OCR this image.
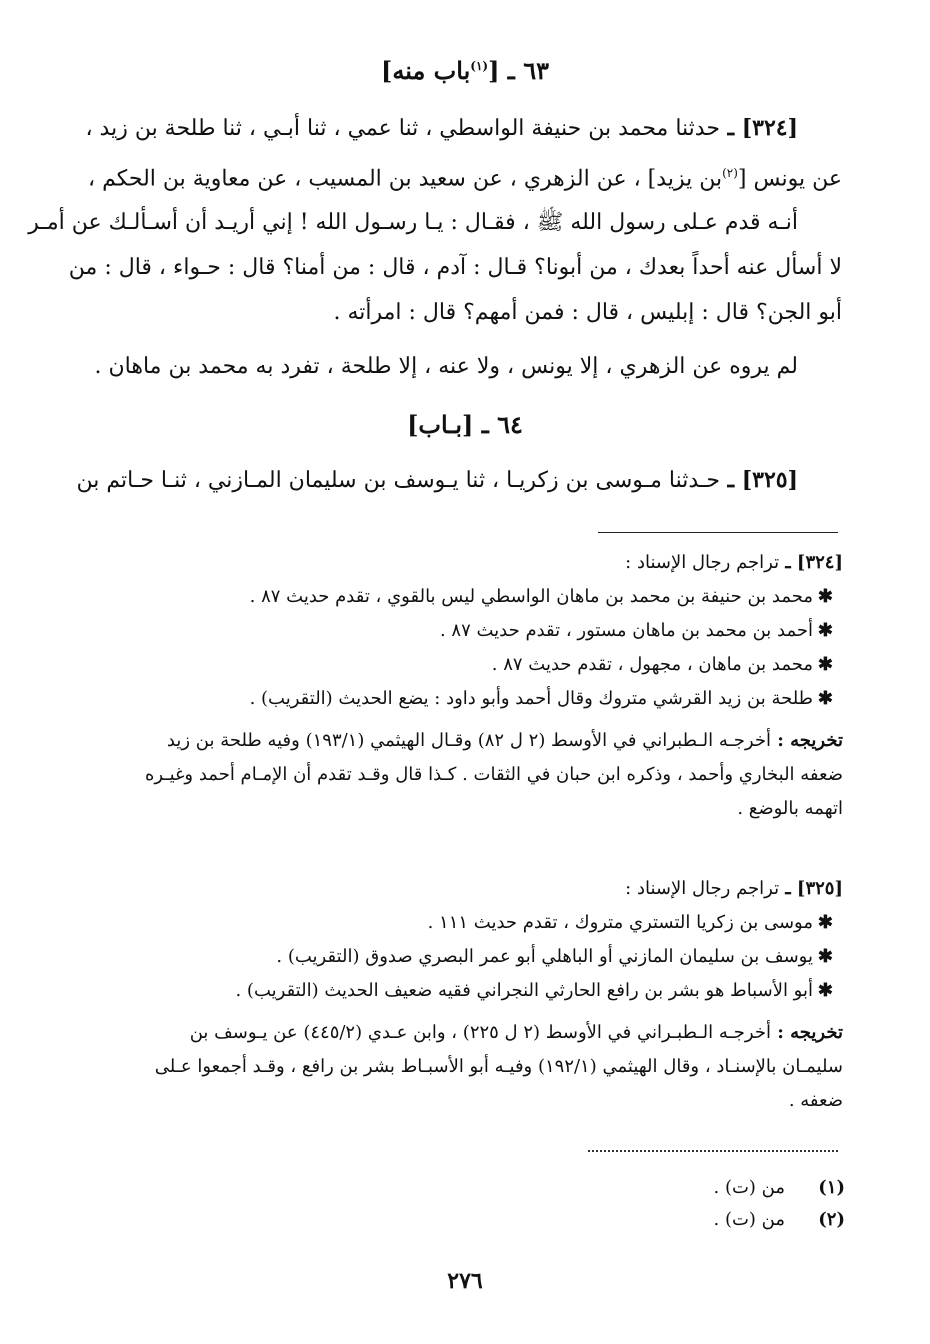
٦٣ ـ [$^{(١)}$باب منه]
[٣٢٤] ـ حدثنا محمد بن حنيفة الواسطي ، ثنا عمي ، ثنا أبـي ، ثنا طلحة بن زيد ،
عن يونس [$^{(٢)}$بن يزيد] ، عن الزهري ، عن سعيد بن المسيب ، عن معاوية بن الحكم ،
أنـه قدم عـلى رسول الله ﷺ ، فقـال : يـا رسـول الله ! إني أريـد أن أسـألـك عن أمـر
لا أسأل عنه أحداً بعدك ، من أبونا؟ قـال : آدم ، قال : من أمنا؟ قال : حـواء ، قال : من
أبو الجن؟ قال : إبليس ، قال : فمن أمهم؟ قال : امرأته .
لم يروه عن الزهري ، إلا يونس ، ولا عنه ، إلا طلحة ، تفرد به محمد بن ماهان .
٦٤ ـ [بـاب]
[٣٢٥] ـ حـدثنا مـوسى بن زكريـا ، ثنا يـوسف بن سليمان المـازني ، ثنـا حـاتم بن
[٣٢٤] ـ تراجم رجال الإسناد :
✱
محمد بن حنيفة بن محمد بن ماهان الواسطي ليس بالقوي ، تقدم حديث ٨٧ .
✱
أحمد بن محمد بن ماهان مستور ، تقدم حديث ٨٧ .
✱
محمد بن ماهان ، مجهول ، تقدم حديث ٨٧ .
✱
طلحة بن زيد القرشي متروك وقال أحمد وأبو داود : يضع الحديث (التقريب) .
تخريجه : أخرجـه الـطبراني في الأوسط (٢ ل ٨٢) وقـال الهيثمي (١٩٣/١) وفيه طلحة بن زيد
ضعفه البخاري وأحمد ، وذكره ابن حبان في الثقات . كـذا قال وقـد تقدم أن الإمـام أحمد وغيـره
اتهمه بالوضع .
[٣٢٥] ـ تراجم رجال الإسناد :
✱
موسى بن زكريا التستري متروك ، تقدم حديث ١١١ .
✱
يوسف بن سليمان المازني أو الباهلي أبو عمر البصري صدوق (التقريب) .
✱
أبو الأسباط هو بشر بن رافع الحارثي النجراني فقيه ضعيف الحديث (التقريب) .
تخريجه : أخرجـه الـطبـراني في الأوسط (٢ ل ٢٢٥) ، وابن عـدي (٤٤٥/٢) عن يـوسف بن
سليمـان بالإسنـاد ، وقال الهيثمي (١٩٢/١) وفيـه أبو الأسبـاط بشر بن رافع ، وقـد أجمعوا عـلى
ضعفه .
(١)
من (ت) .
(٢)
من (ت) .
٢٧٦
